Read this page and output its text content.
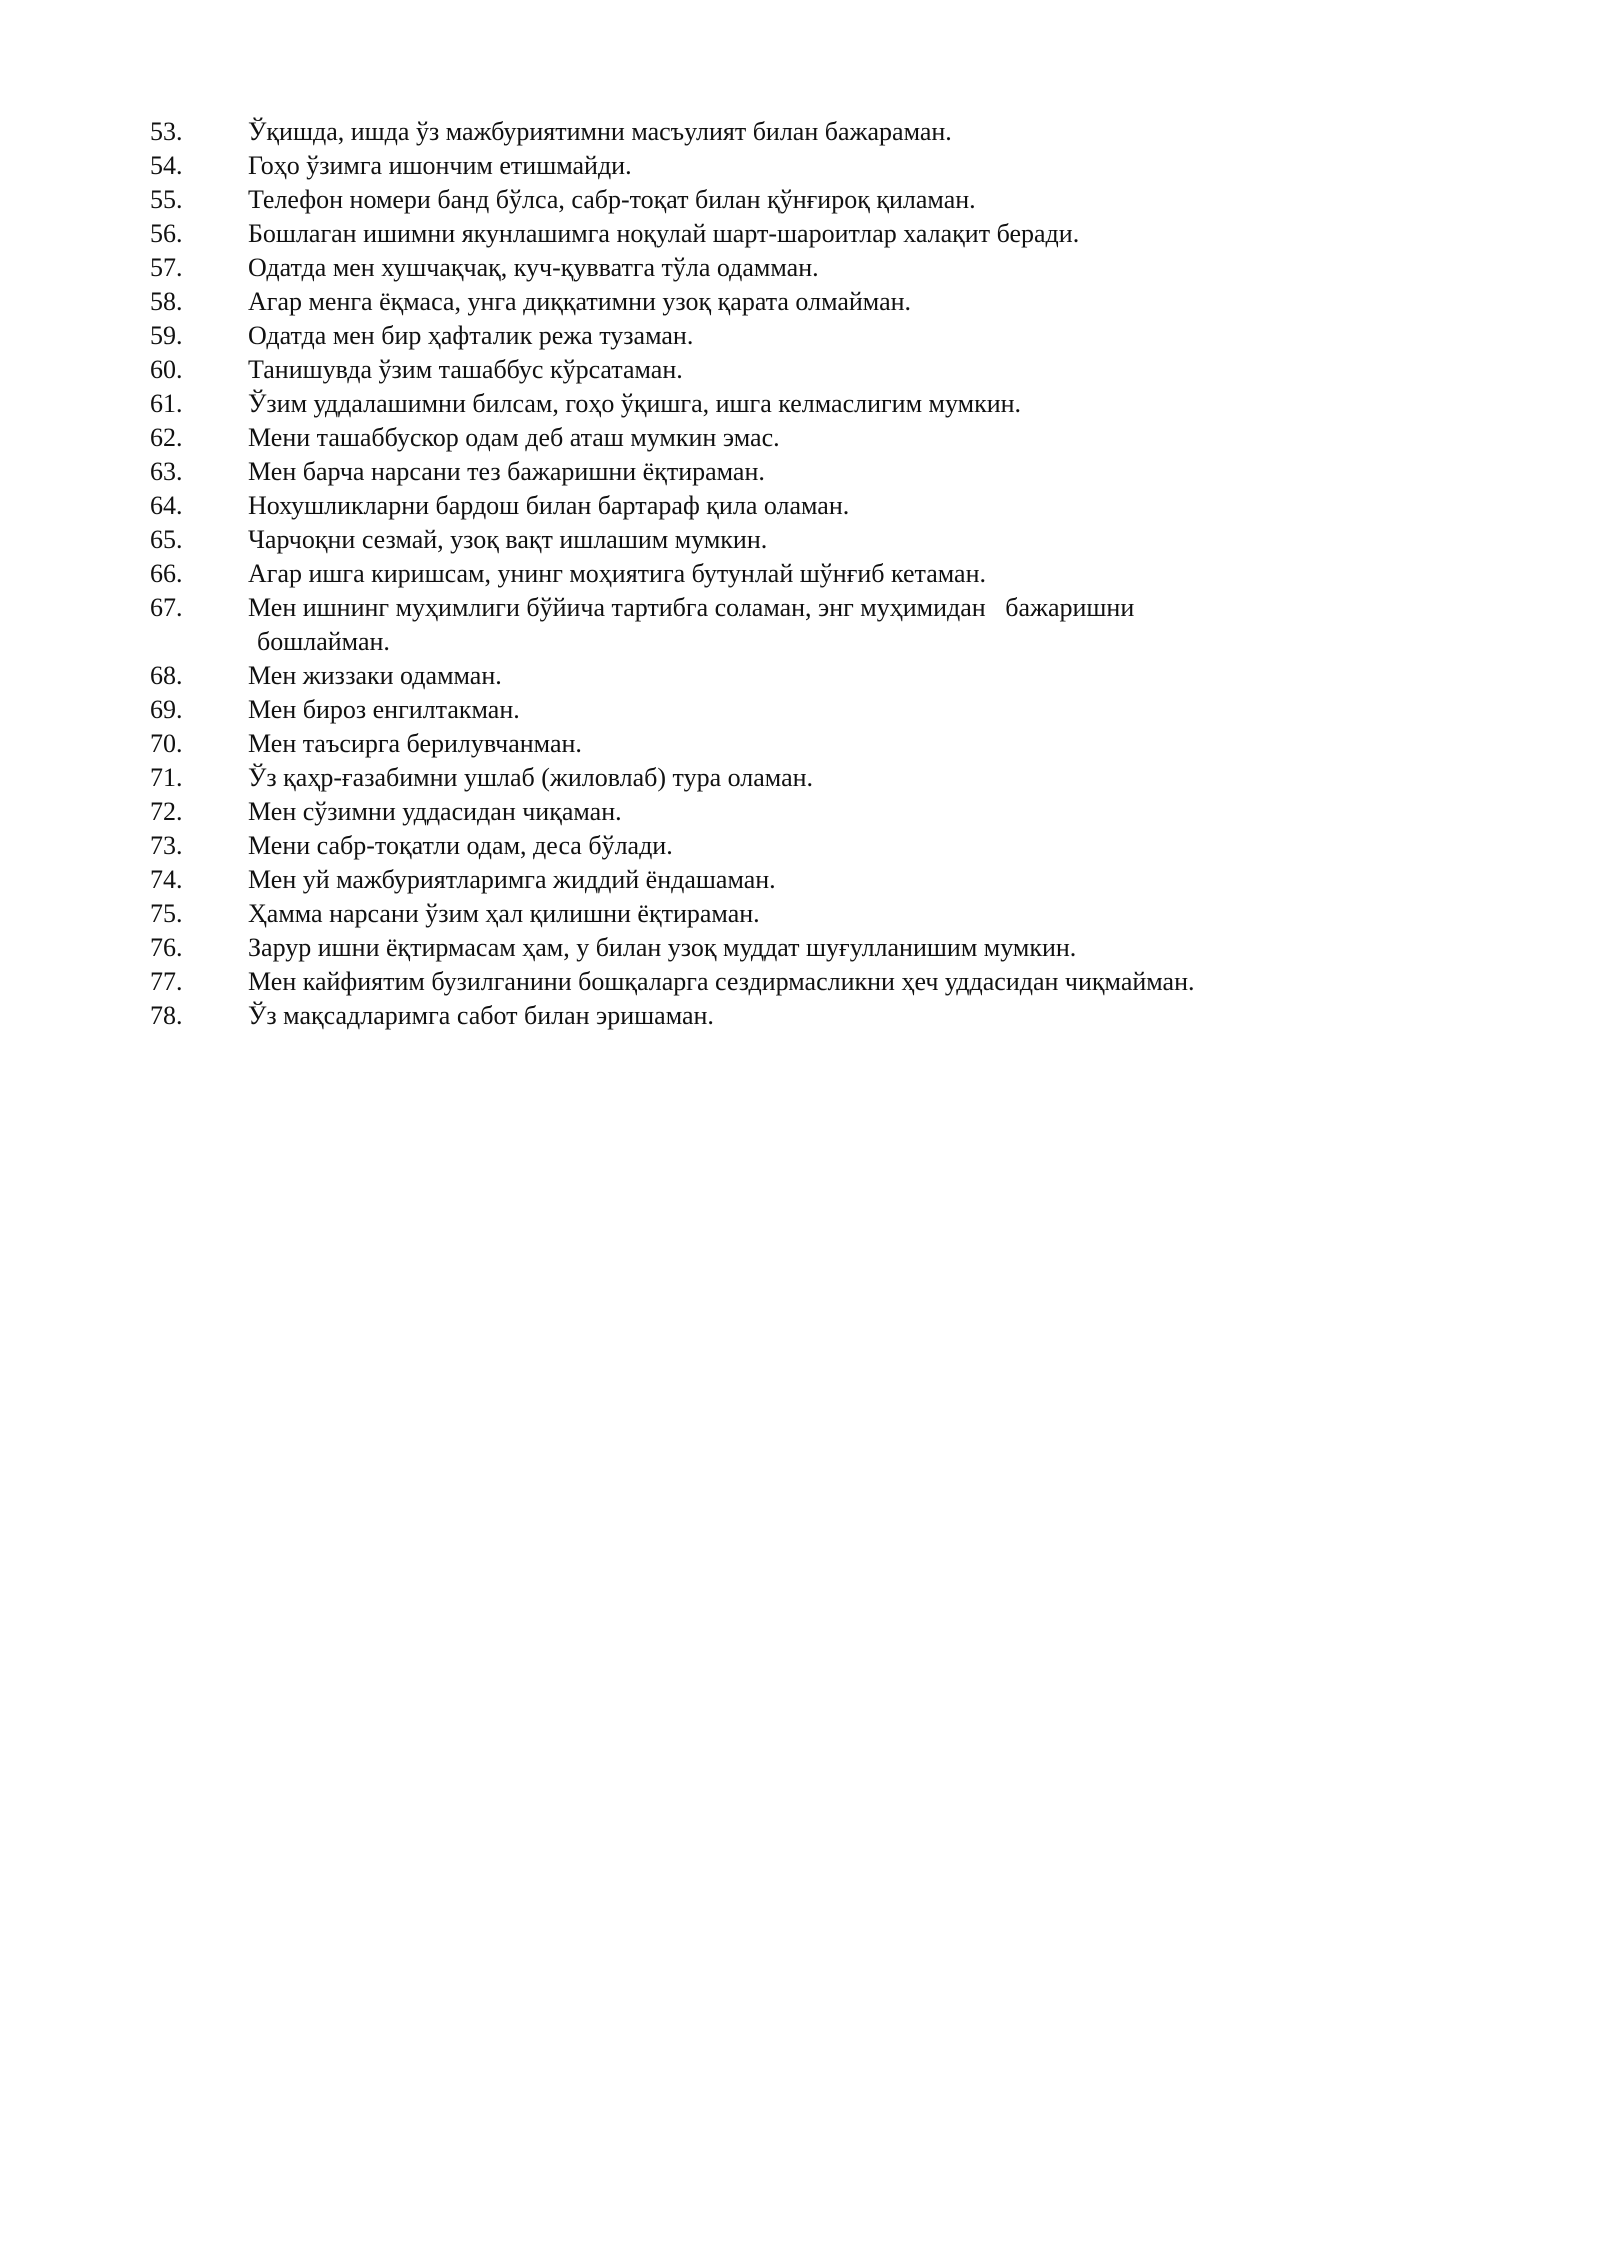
53.	Ўқишда, ишда ўз мажбуриятимни масъулият билан бажараман.
54.	Гоҳо ўзимга ишончим етишмайди.
55.	Телефон номери банд бўлса, сабр-тоқат билан қўнғироқ қиламан.
56.	Бошлаган ишимни якунлашимга ноқулай шарт-шароитлар халақит беради.
57.	Одатда мен хушчақчақ, куч-қувватга тўла одамман.
58.	Агар менга ёқмаса, унга диққатимни узоқ қарата олмайман.
59.	Одатда мен бир ҳафталик режа тузаман.
60.	Танишувда ўзим ташаббус кўрсатаман.
61.	Ўзим уддалашимни билсам, гоҳо ўқишга, ишга келмаслигим мумкин.
62.	Мени ташаббускор одам деб аташ мумкин эмас.
63.	Мен барча нарсани тез бажаришни ёқтираман.
64.	Нохушликларни бардош билан бартараф қила оламан.
65.	Чарчоқни сезмай, узоқ вақт ишлашим мумкин.
66.	Агар ишга киришсам, унинг моҳиятига бутунлай шўнғиб кетаман.
67.	Мен ишнинг муҳимлиги бўйича тартибга соламан, энг муҳимидан   бажаришни
бошлайман.
68.	Мен жиззаки одамман.
69.	Мен бироз енгилтакман.
70.	Мен таъсирга берилувчанман.
71.	Ўз қаҳр-ғазабимни ушлаб (жиловлаб) тура оламан.
72.	Мен сўзимни уддасидан чиқаман.
73.	Мени сабр-тоқатли одам, деса бўлади.
74.	Мен уй мажбуриятларимга жиддий ёндашаман.
75.	Ҳамма нарсани ўзим ҳал қилишни ёқтираман.
76.	Зарур ишни ёқтирмасам ҳам, у билан узоқ муддат шуғулланишим мумкин.
77.	Мен кайфиятим бузилганини бошқаларга сездирмасликни ҳеч уддасидан чиқмайман.
78.	Ўз мақсадларимга сабот билан эришаман.
